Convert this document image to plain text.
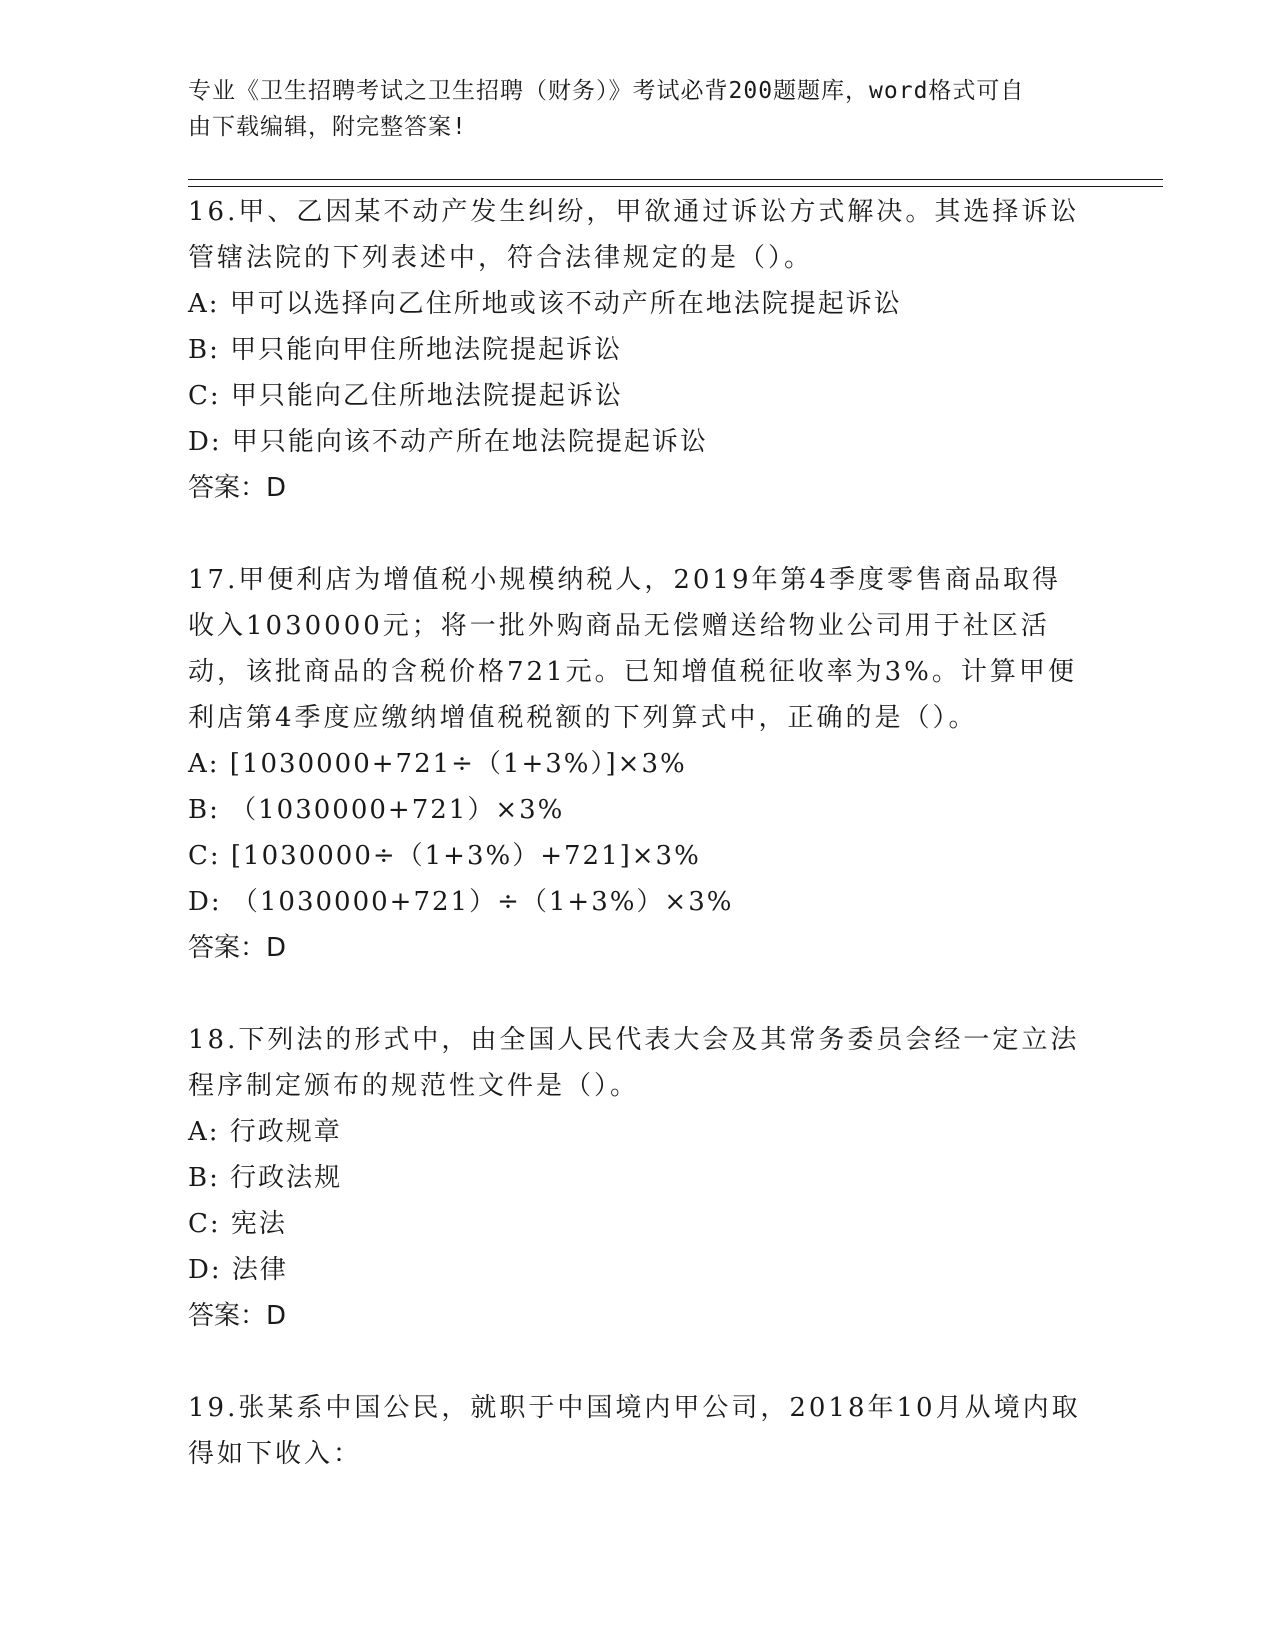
专业《卫生招聘考试之卫生招聘（财务）》考试必背200题题库，word格式可自
由下载编辑，附完整答案!

16.甲、乙因某不动产发生纠纷，甲欲通过诉讼方式解决。其选择诉讼管辖法院的下列表述中，符合法律规定的是（）。

A: 甲可以选择向乙住所地或该不动产所在地法院提起诉讼

B: 甲只能向甲住所地法院提起诉讼

C: 甲只能向乙住所地法院提起诉讼

D: 甲只能向该不动产所在地法院提起诉讼

答案：D

17.甲便利店为增值税小规模纳税人，2019年第4季度零售商品取得收入1030000元；将一批外购商品无偿赠送给物业公司用于社区活动，该批商品的含税价格721元。已知增值税征收率为3%。计算甲便利店第4季度应缴纳增值税税额的下列算式中，正确的是（）。

A: [1030000+721÷（1+3%）]×3%

B: （1030000+721）×3%

C: [1030000÷（1+3%）+721]×3%

D: （1030000+721）÷（1+3%）×3%

答案：D

18.下列法的形式中，由全国人民代表大会及其常务委员会经一定立法程序制定颁布的规范性文件是（）。

A: 行政规章

B: 行政法规

C: 宪法

D: 法律

答案：D

19.张某系中国公民，就职于中国境内甲公司，2018年10月从境内取得如下收入：
